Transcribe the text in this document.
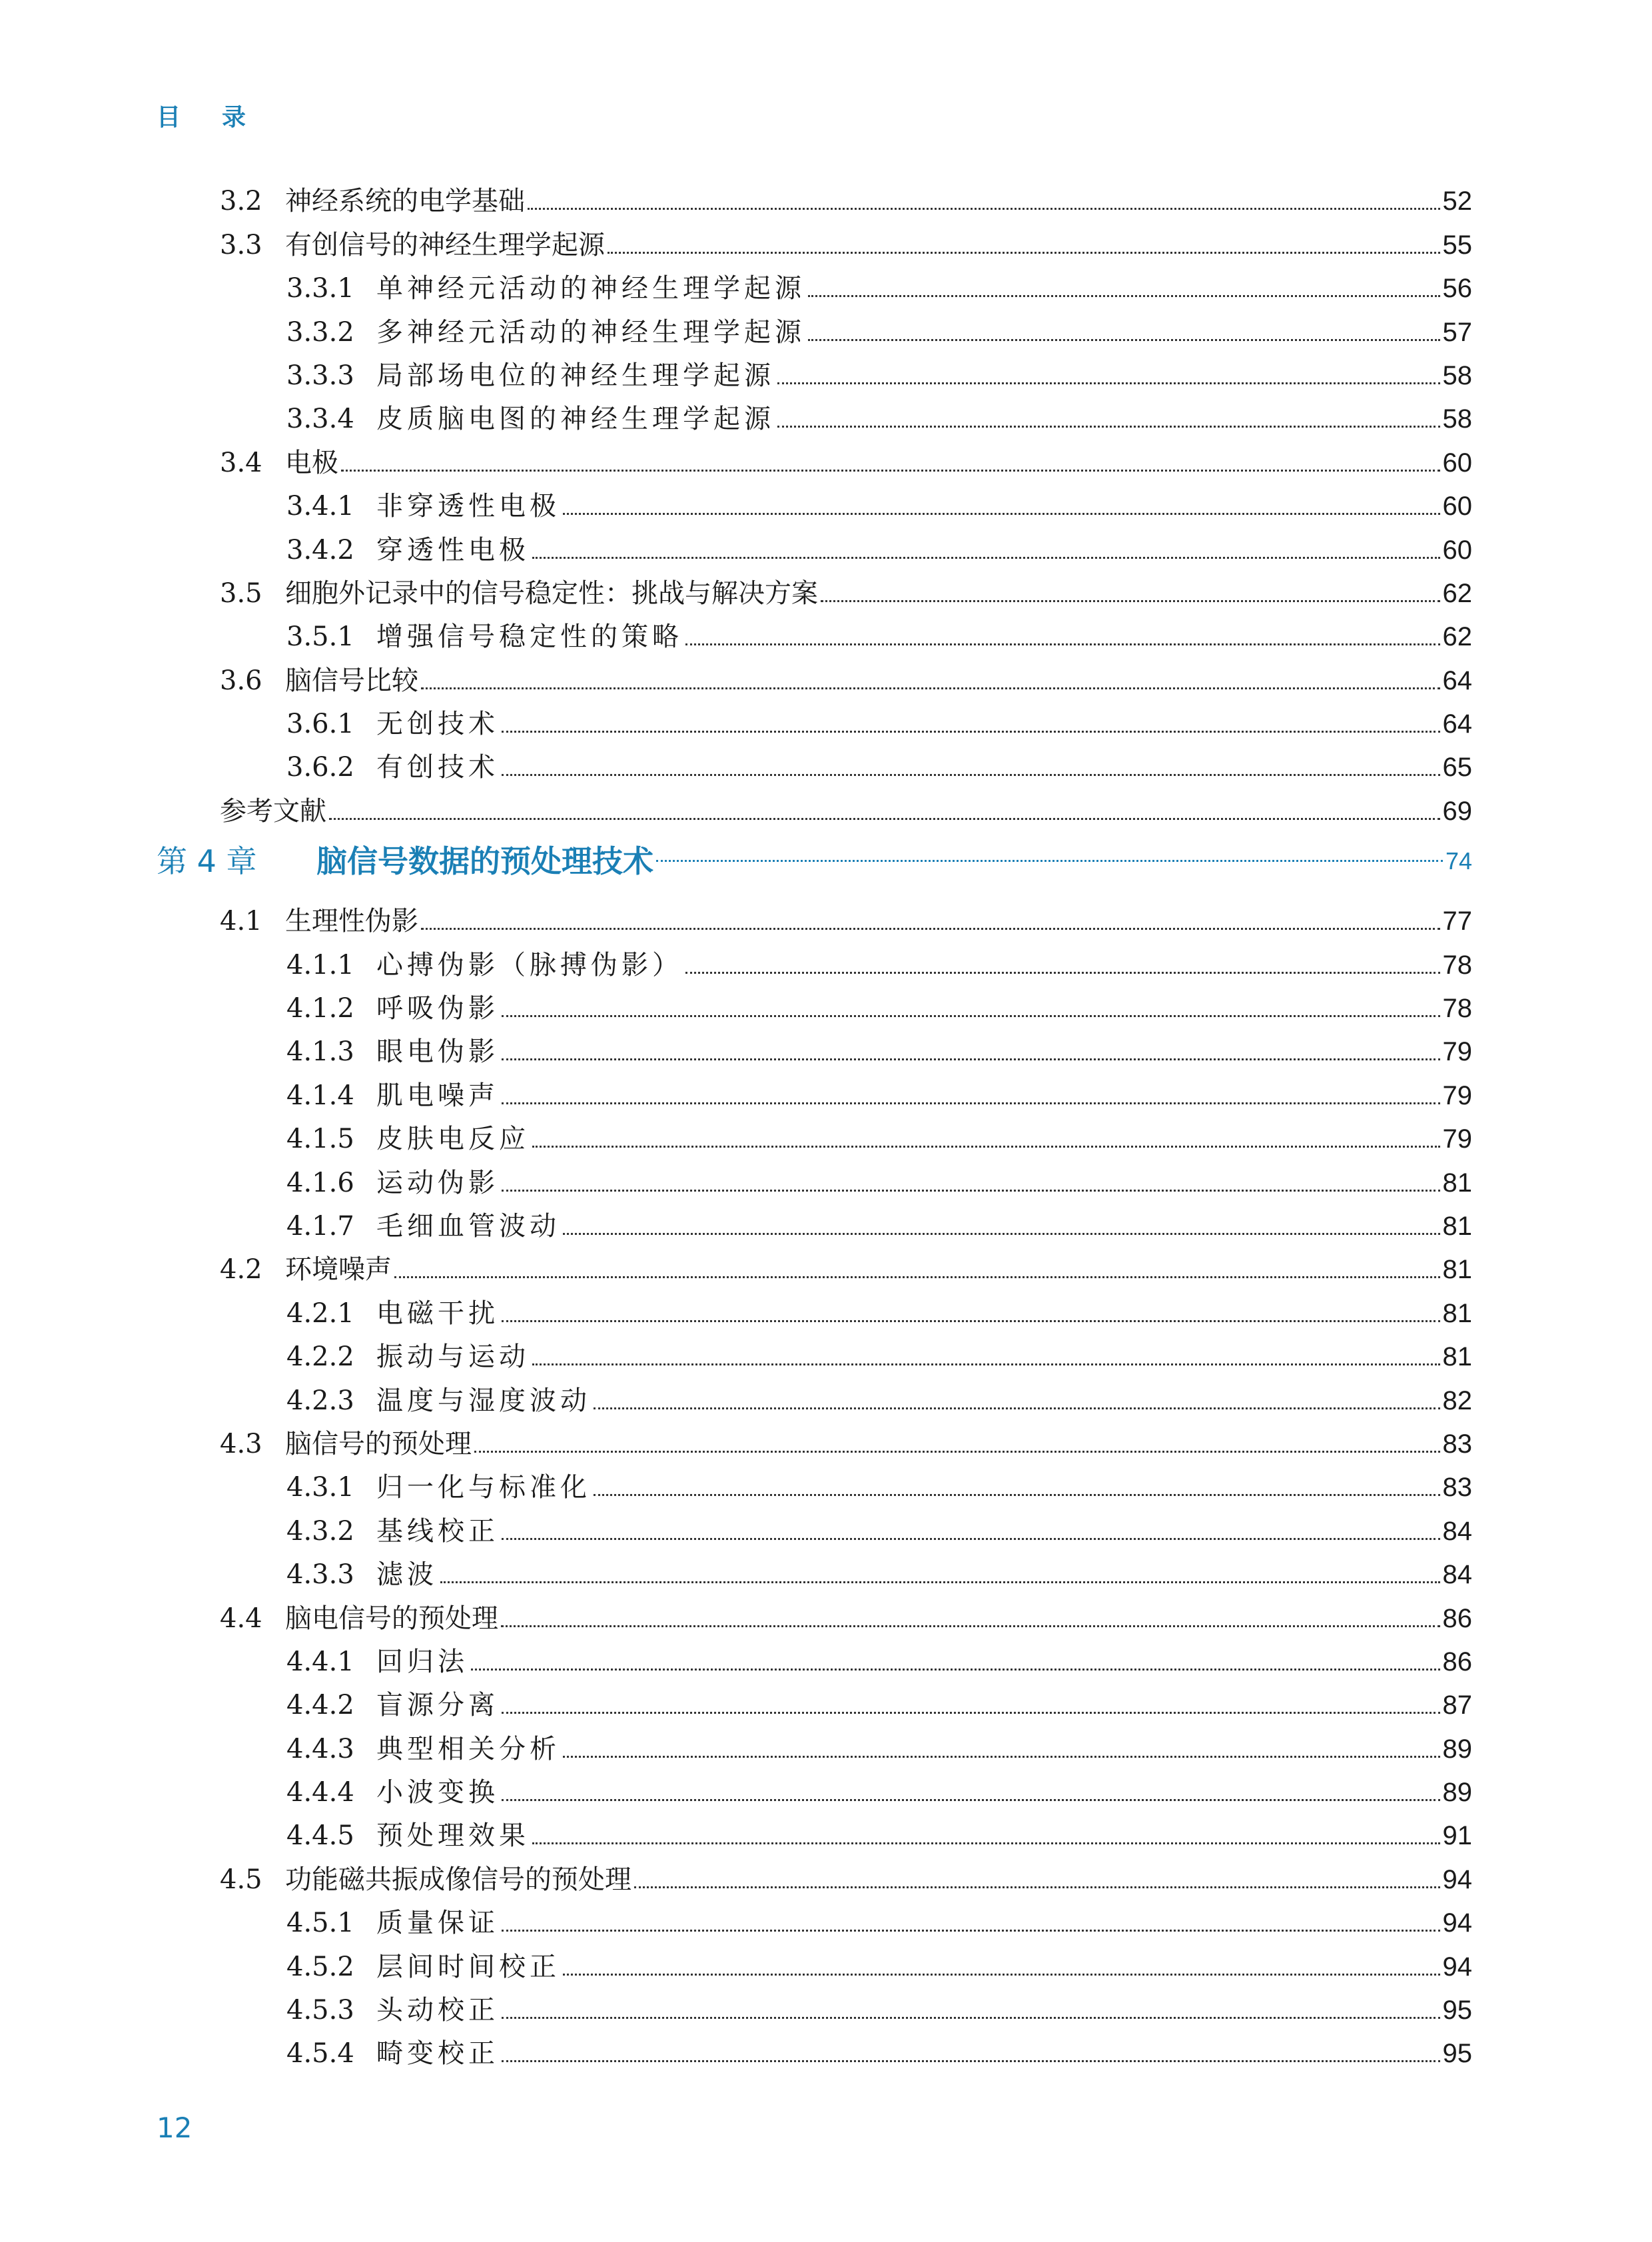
目录
3.2 神经系统的电学基础	52
3.3 有创信号的神经生理学起源	55
3.3.1 单神经元活动的神经生理学起源	56
3.3.2 多神经元活动的神经生理学起源	57
3.3.3 局部场电位的神经生理学起源	58
3.3.4 皮质脑电图的神经生理学起源	58
3.4 电极	60
3.4.1 非穿透性电极	60
3.4.2 穿透性电极	60
3.5 细胞外记录中的信号稳定性：挑战与解决方案	62
3.5.1 增强信号稳定性的策略	62
3.6 脑信号比较	64
3.6.1 无创技术	64
3.6.2 有创技术	65
参考文献	69
第 4 章	脑信号数据的预处理技术	74
4.1 生理性伪影	77
4.1.1 心搏伪影（脉搏伪影）	78
4.1.2 呼吸伪影	78
4.1.3 眼电伪影	79
4.1.4 肌电噪声	79
4.1.5 皮肤电反应	79
4.1.6 运动伪影	81
4.1.7 毛细血管波动	81
4.2 环境噪声	81
4.2.1 电磁干扰	81
4.2.2 振动与运动	81
4.2.3 温度与湿度波动	82
4.3 脑信号的预处理	83
4.3.1 归一化与标准化	83
4.3.2 基线校正	84
4.3.3 滤波	84
4.4 脑电信号的预处理	86
4.4.1 回归法	86
4.4.2 盲源分离	87
4.4.3 典型相关分析	89
4.4.4 小波变换	89
4.4.5 预处理效果	91
4.5 功能磁共振成像信号的预处理	94
4.5.1 质量保证	94
4.5.2 层间时间校正	94
4.5.3 头动校正	95
4.5.4 畸变校正	95
12
